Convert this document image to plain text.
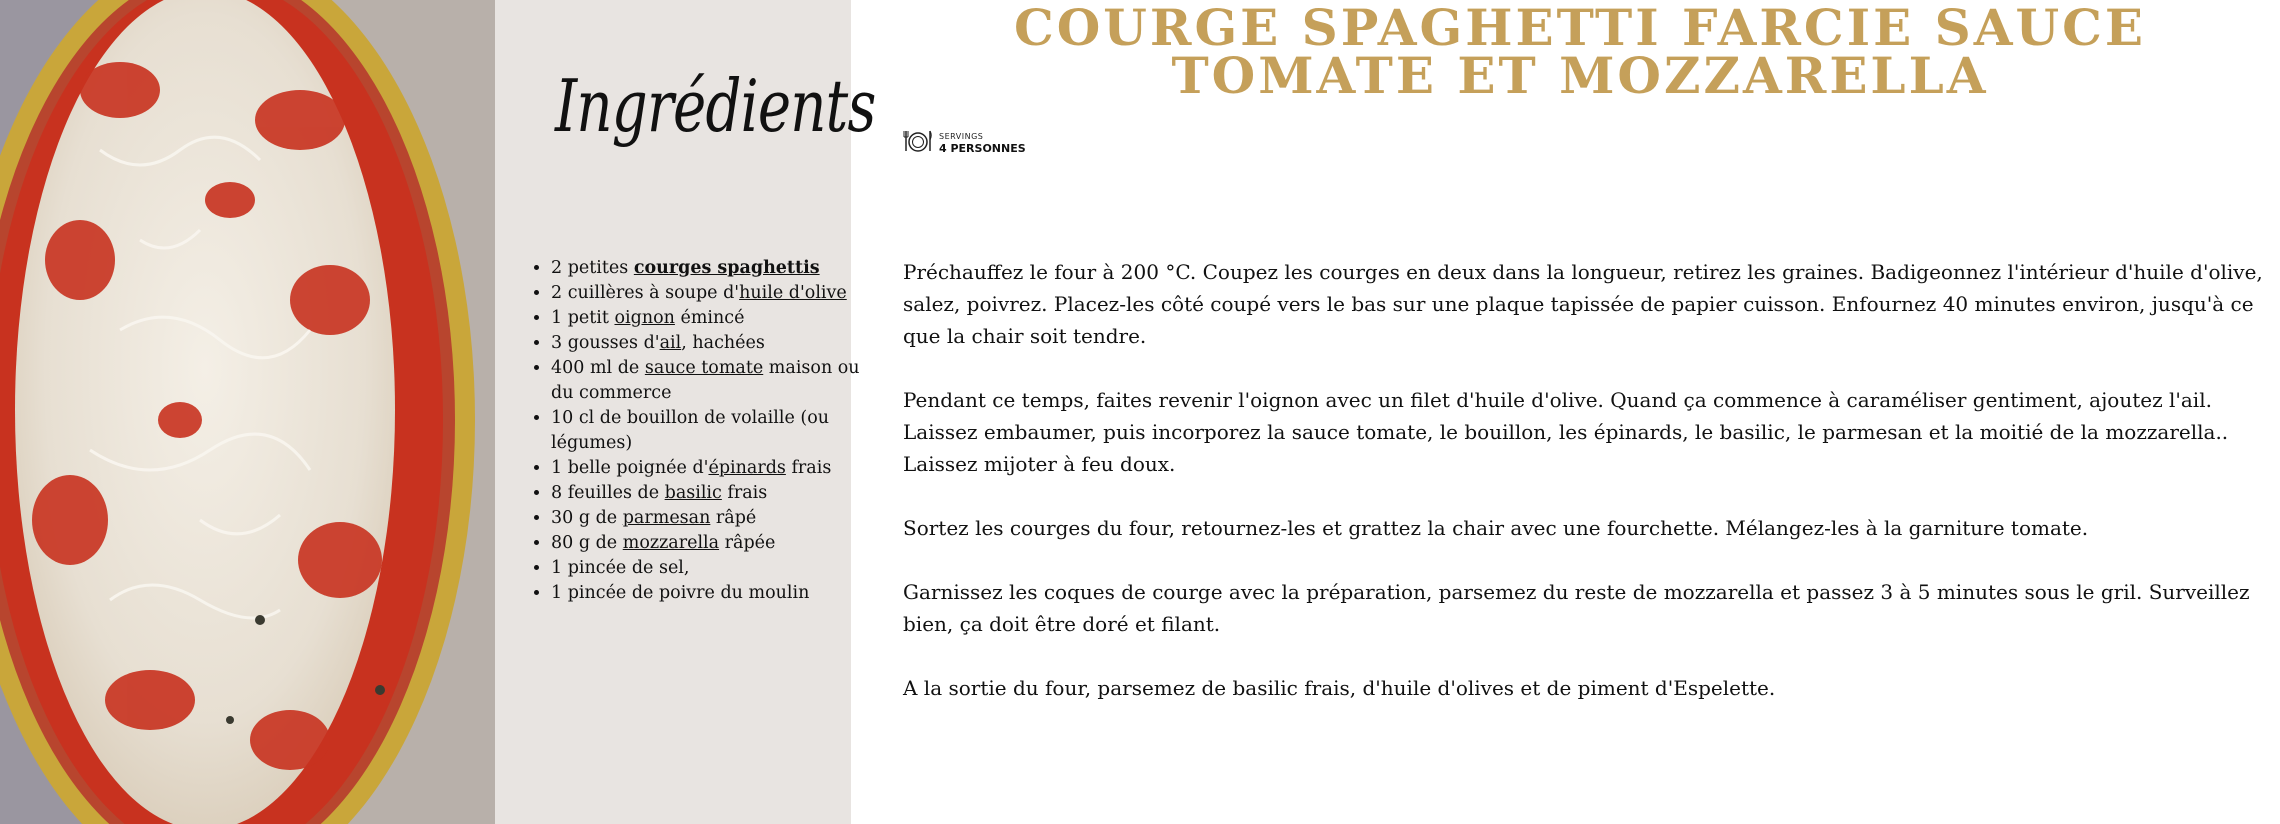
Ingrédients
• 2 petites courges spaghettis
• 2 cuillères à soupe d'huile d'olive
• 1 petit oignon émincé
• 3 gousses d'ail, hachées
• 400 ml de sauce tomate maison ou du commerce
• 10 cl de bouillon de volaille (ou légumes)
• 1 belle poignée d'épinards frais
• 8 feuilles de basilic frais
• 30 g de parmesan râpé
• 80 g de mozzarella râpée
• 1 pincée de sel,
• 1 pincée de poivre du moulin
COURGE SPAGHETTI FARCIE SAUCE TOMATE ET MOZZARELLA
SERVINGS
4 PERSONNES

Préchauffez le four à 200 °C. Coupez les courges en deux dans la longueur, retirez les graines. Badigeonnez l'intérieur d'huile d'olive, salez, poivrez. Placez-les côté coupé vers le bas sur une plaque tapissée de papier cuisson. Enfournez 40 minutes environ, jusqu'à ce que la chair soit tendre.

Pendant ce temps, faites revenir l'oignon avec un filet d'huile d'olive. Quand ça commence à caraméliser gentiment, ajoutez l'ail. Laissez embaumer, puis incorporez la sauce tomate, le bouillon, les épinards, le basilic, le parmesan et la moitié de la mozzarella.. Laissez mijoter à feu doux.

Sortez les courges du four, retournez-les et grattez la chair avec une fourchette. Mélangez-les à la garniture tomate.

Garnissez les coques de courge avec la préparation, parsemez du reste de mozzarella et passez 3 à 5 minutes sous le gril. Surveillez bien, ça doit être doré et filant.

A la sortie du four, parsemez de basilic frais, d'huile d'olives et de piment d'Espelette.
